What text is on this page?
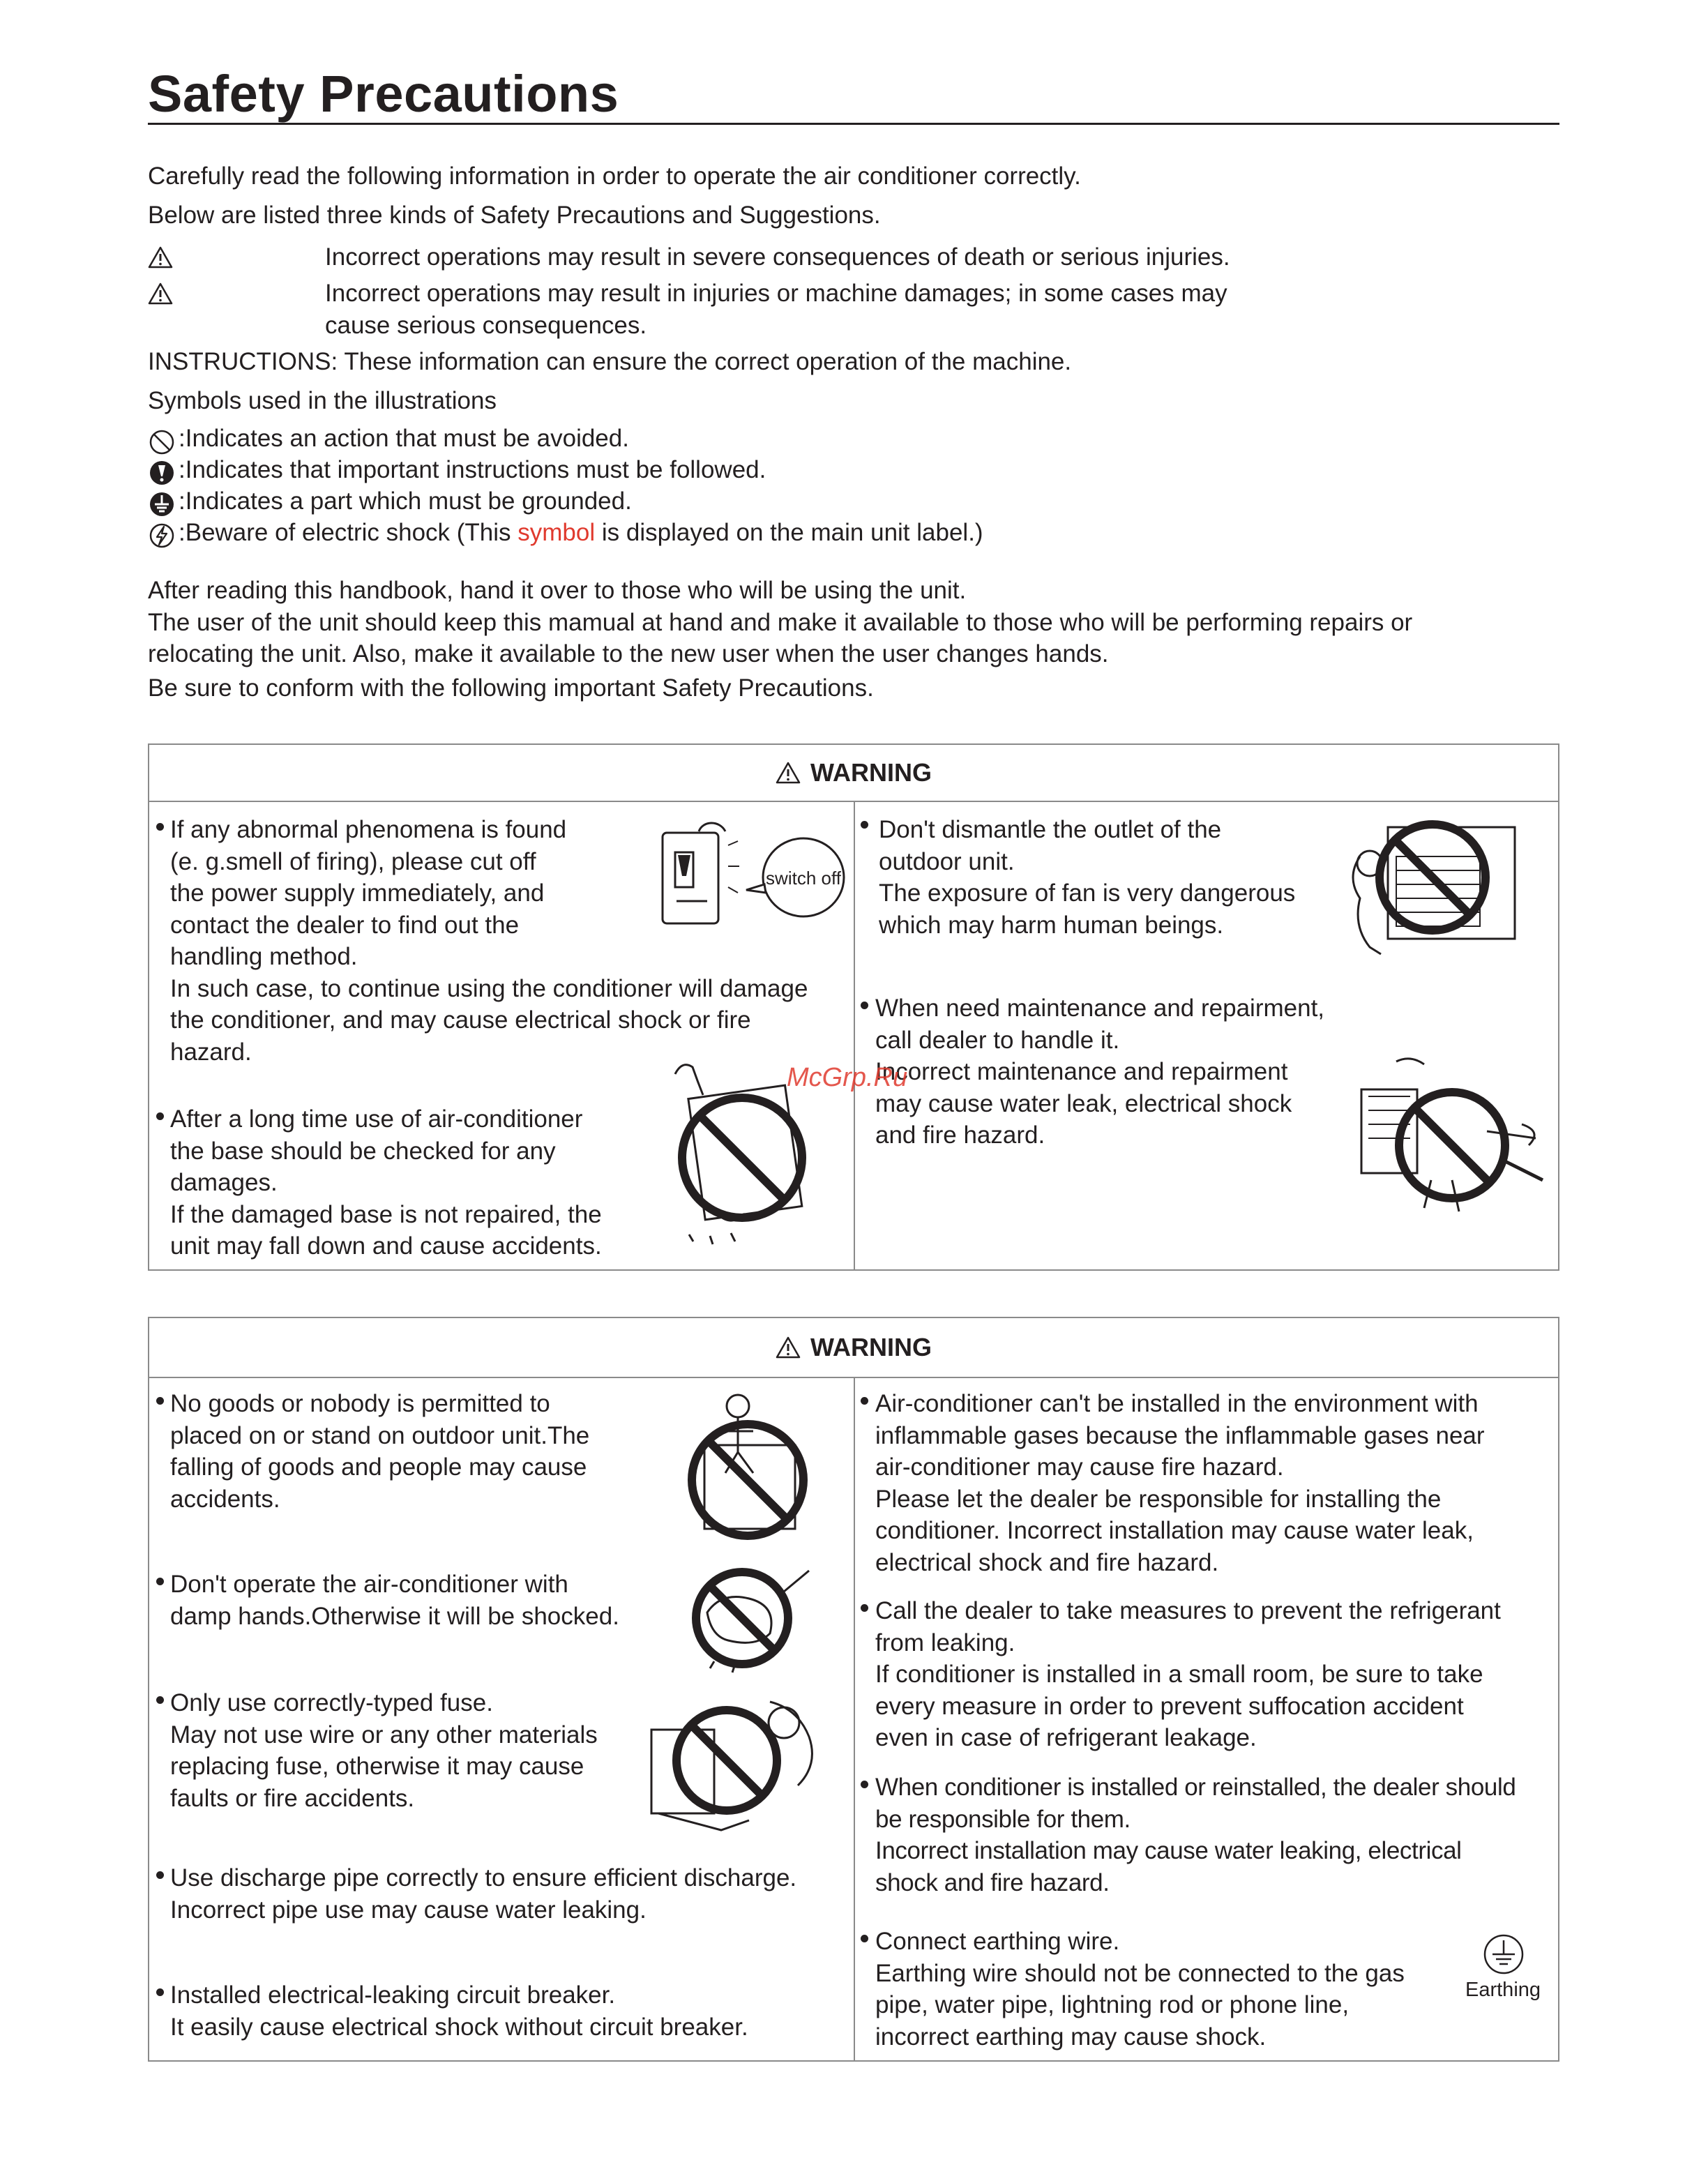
Safety Precautions
Carefully read the following information in order to operate the air conditioner correctly.
Below are listed three kinds of Safety Precautions and Suggestions.
Incorrect operations may result in severe consequences of death or serious injuries.
Incorrect operations may result in injuries or machine damages; in some cases may
cause serious consequences.
INSTRUCTIONS: These information can ensure the correct operation of the machine.
Symbols used in the illustrations
:Indicates an action that must be avoided.
:Indicates that important instructions must be followed.
:Indicates a part which must be grounded.
:Beware of electric shock (This symbol is displayed on the main unit label.)
After reading this handbook, hand it over to those who will be using the unit.
The user of the unit should keep this mamual at hand and make it available to those who will be performing repairs or
relocating the unit. Also, make it available to the new user when the user changes hands.
Be sure to conform with the following important Safety Precautions.
WARNING
If any abnormal phenomena is found
(e. g.smell of firing), please cut off
the power supply immediately, and
contact the dealer to find out the
handling method.
In such case, to continue using the conditioner will damage
the conditioner, and may cause electrical shock or fire
hazard.
After a long time use of air-conditioner
the base should be checked for any
damages.
If the damaged base is not repaired, the
unit may fall down and cause accidents.
Don't dismantle the outlet of the
outdoor unit.
The exposure of fan is very dangerous
which may harm human beings.
When need maintenance and repairment,
call dealer to handle it.
Incorrect maintenance and repairment
may cause water leak, electrical shock
and fire hazard.
switch off
McGrp.Ru
WARNING
No goods or nobody is permitted to
placed on or stand on outdoor unit.The
falling of goods and people may cause
accidents.
Don't operate the air-conditioner with
damp hands.Otherwise it will be shocked.
Only use correctly-typed fuse.
May not use wire or any other materials
replacing fuse, otherwise it may cause
faults or fire accidents.
Use discharge pipe correctly to ensure efficient discharge.
Incorrect pipe use may cause water leaking.
Installed electrical-leaking circuit breaker.
It easily cause electrical shock without circuit breaker.
Air-conditioner can't be installed in the environment with
inflammable gases because the inflammable gases near
air-conditioner may cause fire hazard.
Please let the dealer be responsible for installing the
conditioner. Incorrect installation may cause water leak,
electrical shock and fire hazard.
Call the dealer to take measures to prevent the refrigerant
from leaking.
If conditioner is installed in a small room, be sure to take
every measure in order to prevent suffocation accident
even in case of refrigerant leakage.
When conditioner is installed or reinstalled, the dealer should
be responsible for them.
Incorrect installation may cause water leaking, electrical
shock and fire hazard.
Connect earthing wire.
Earthing wire should not be connected to the gas
pipe, water pipe, lightning rod or phone line,
incorrect earthing may cause shock.
Earthing
